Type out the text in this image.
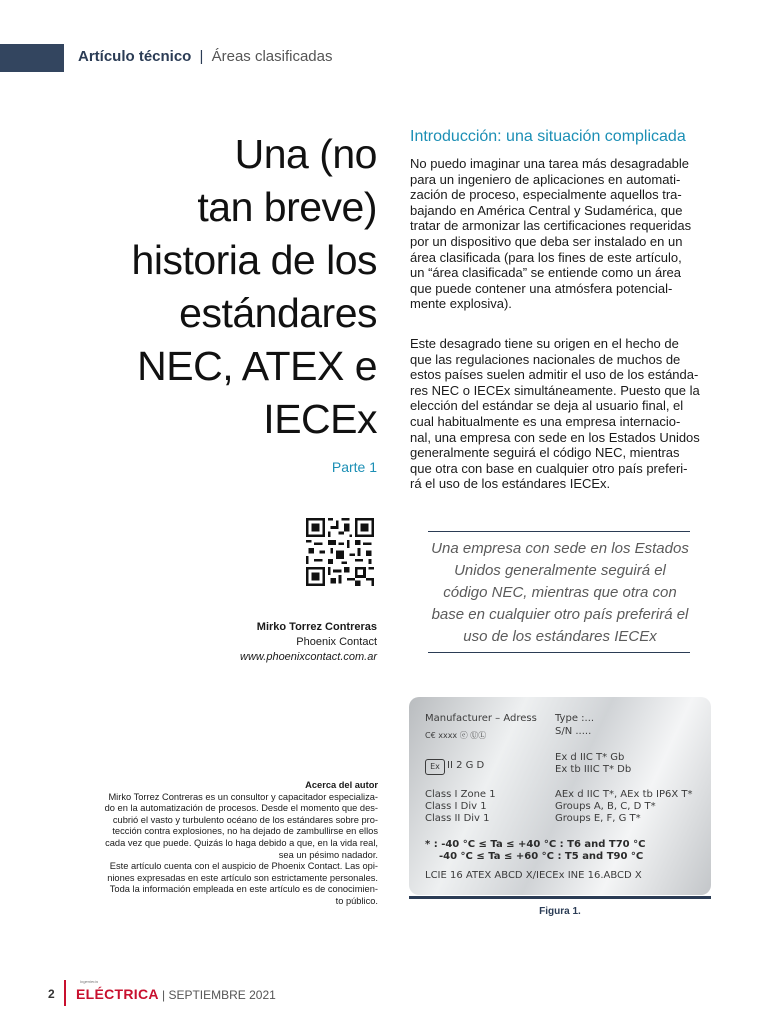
Artículo técnico | Áreas clasificadas
Una (no
tan breve)
historia de los
estándares
NEC, ATEX e
IECEx
Parte 1
Mirko Torrez Contreras
Phoenix Contact
www.phoenixcontact.com.ar
Acerca del autor
Mirko Torrez Contreras es un consultor y capacitador especializa-
do en la automatización de procesos. Desde el momento que des-
cubrió el vasto y turbulento océano de los estándares sobre pro-
tección contra explosiones, no ha dejado de zambullirse en ellos
cada vez que puede. Quizás lo haga debido a que, en la vida real,
sea un pésimo nadador.
Este artículo cuenta con el auspicio de Phoenix Contact. Las opi-
niones expresadas en este artículo son estrictamente personales.
Toda la información empleada en este artículo es de conocimien-
to público.
Introducción: una situación complicada
No puedo imaginar una tarea más desagradable
para un ingeniero de aplicaciones en automati-
zación de proceso, especialmente aquellos tra-
bajando en América Central y Sudamérica, que
tratar de armonizar las certificaciones requeridas
por un dispositivo que deba ser instalado en un
área clasificada (para los fines de este artículo,
un “área clasificada” se entiende como un área
que puede contener una atmósfera potencial-
mente explosiva).
Este desagrado tiene su origen en el hecho de
que las regulaciones nacionales de muchos de
estos países suelen admitir el uso de los estánda-
res NEC o IECEx simultáneamente. Puesto que la
elección del estándar se deja al usuario final, el
cual habitualmente es una empresa internacio-
nal, una empresa con sede en los Estados Unidos
generalmente seguirá el código NEC, mientras
que otra con base en cualquier otro país preferi-
rá el uso de los estándares IECEx.
Una empresa con sede en los Estados
Unidos generalmente seguirá el
código NEC, mientras que otra con
base en cualquier otro país preferirá el
uso de los estándares IECEx
Manufacturer – Adress Type :...
S/N .....
C€ xxxx ⓔ ⓊⓁ
Ex II 2 G D
Ex d IIC T* Gb
Ex tb IIIC T* Db
Class I Zone 1
Class I Div 1
Class II Div 1
AEx d IIC T*, AEx tb IP6X T*
Groups A, B, C, D T*
Groups E, F, G T*
* : -40 °C ≤ Ta ≤ +40 °C : T6 and T70 °C
-40 °C ≤ Ta ≤ +60 °C : T5 and T90 °C
LCIE 16 ATEX ABCD X/IECEx INE 16.ABCD X
Figura 1.
2
Ingeniería
ELÉCTRICA | SEPTIEMBRE 2021
